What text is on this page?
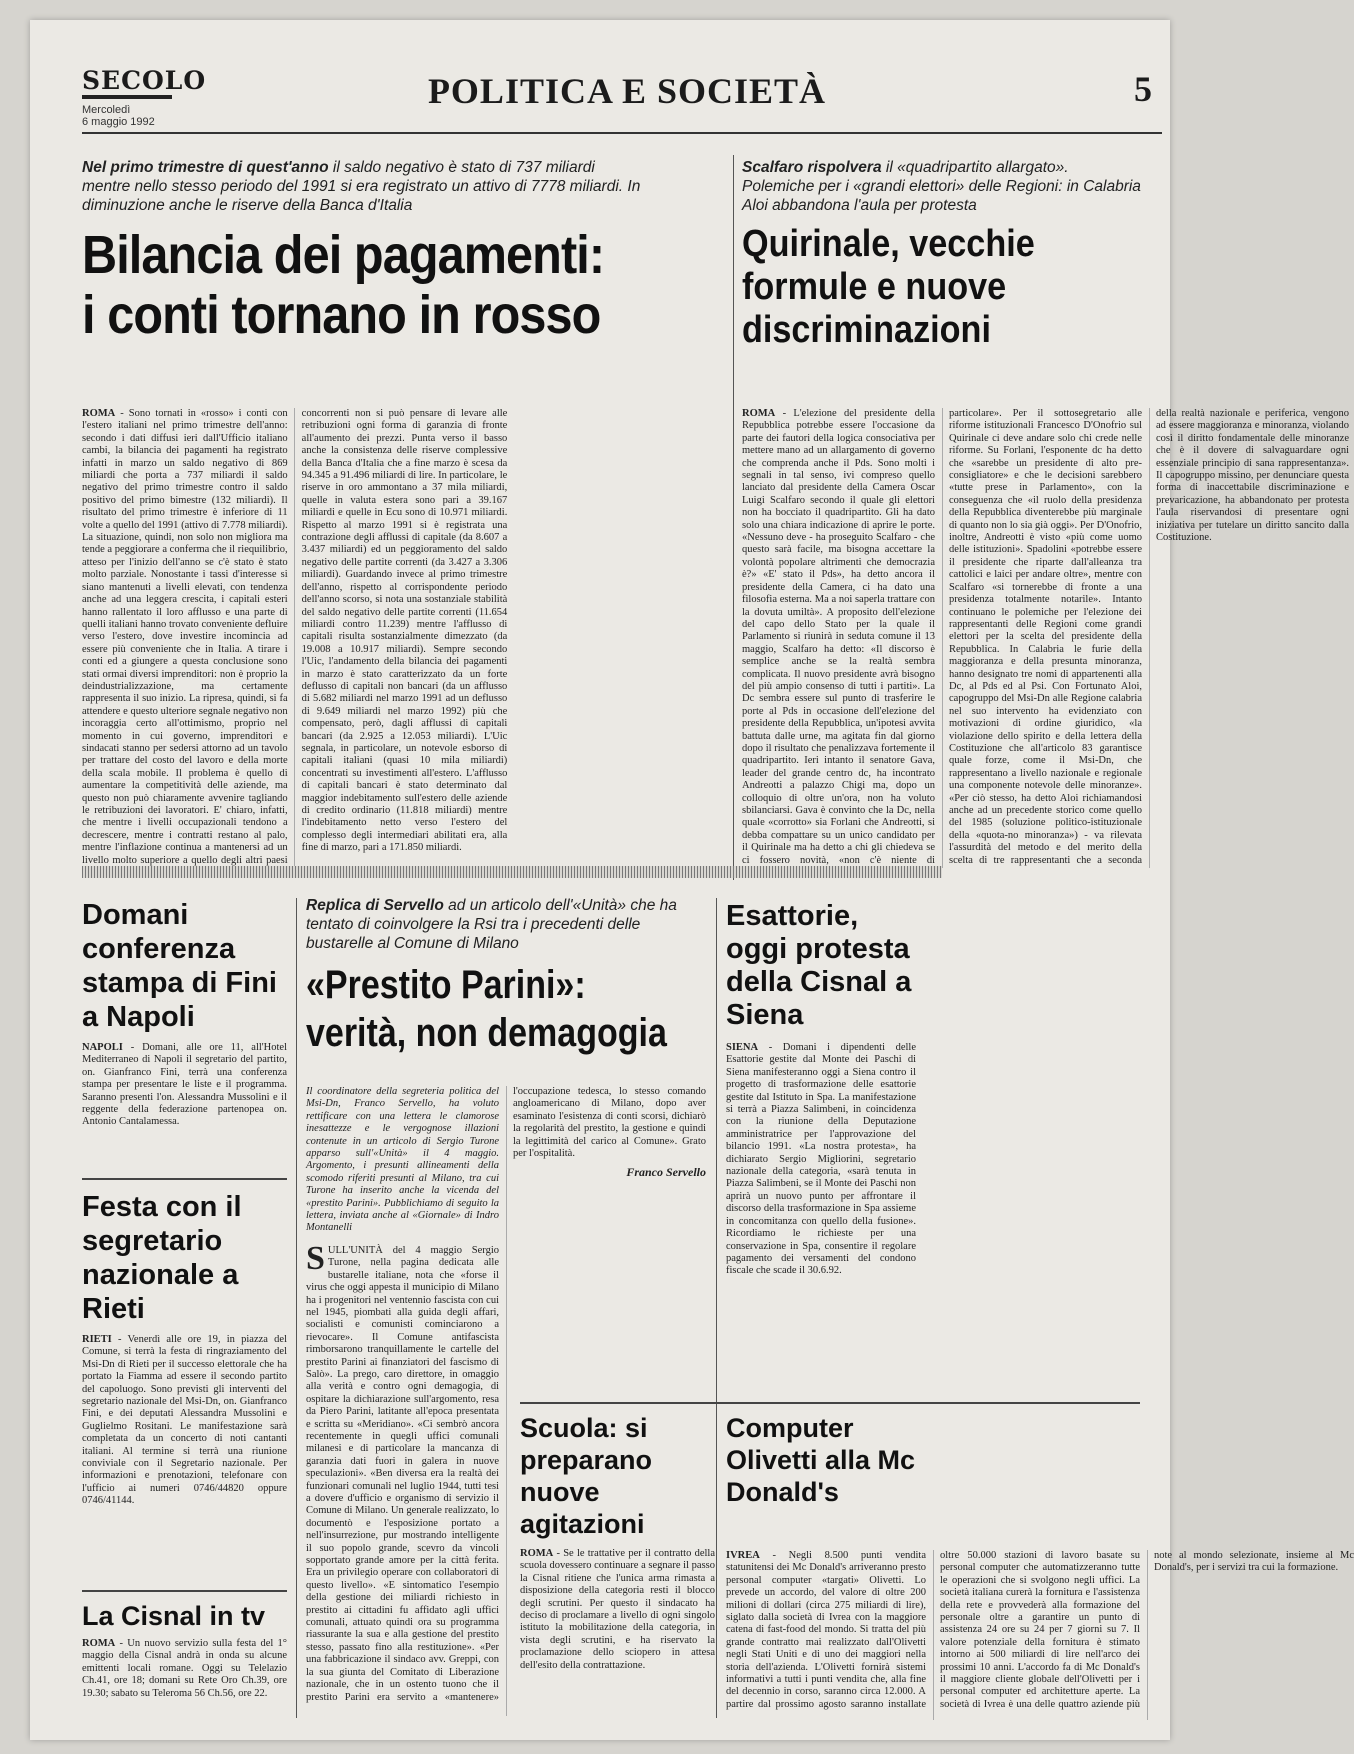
SECOLO
Mercoledì
6 maggio 1992
POLITICA E SOCIETÀ	5
Nel primo trimestre di quest'anno il saldo negativo è stato di 737 miliardi mentre nello stesso periodo del 1991 si era registrato un attivo di 7778 miliardi. In diminuzione anche le riserve della Banca d'Italia
Bilancia dei pagamenti:
i conti tornano in rosso
ROMA - Sono tornati in «rosso» i conti con l'estero italiani nel primo trimestre dell'anno: secondo i dati diffusi ieri dall'Ufficio italiano cambi, la bilancia dei pagamenti ha registrato infatti in marzo un saldo negativo di 869 miliardi che porta a 737 miliardi il saldo negativo del primo trimestre contro il saldo positivo del primo bimestre (132 miliardi). Il risultato del primo trimestre è inferiore di 11 volte a quello del 1991 (attivo di 7.778 miliardi). La situazione, quindi, non solo non migliora ma tende a peggiorare a conferma che il riequilibrio, atteso per l'inizio dell'anno se c'è stato è stato molto parziale. Nonostante i tassi d'interesse si siano mantenuti a livelli elevati, con tendenza anche ad una leggera crescita, i capitali esteri hanno rallentato il loro afflusso e una parte di quelli italiani hanno trovato conveniente defluire verso l'estero, dove investire incomincia ad essere più conveniente che in Italia. A tirare i conti ed a giungere a questa conclusione sono stati ormai diversi imprenditori: non è proprio la deindustrializzazione, ma certamente rappresenta il suo inizio. La ripresa, quindi, si fa attendere e questo ulteriore segnale negativo non incoraggia certo all'ottimismo, proprio nel momento in cui governo, imprenditori e sindacati stanno per sedersi attorno ad un tavolo per trattare del costo del lavoro e della morte della scala mobile. Il problema è quello di aumentare la competitività delle aziende, ma questo non può chiaramente avvenire tagliando le retribuzioni dei lavoratori. E' chiaro, infatti, che mentre i livelli occupazionali tendono a decrescere, mentre i contratti restano al palo, mentre l'inflazione continua a mantenersi ad un livello molto superiore a quello degli altri paesi concorrenti non si può pensare di levare alle retribuzioni ogni forma di garanzia di fronte all'aumento dei prezzi. Punta verso il basso anche la consistenza delle riserve complessive della Banca d'Italia che a fine marzo è scesa da 94.345 a 91.496 miliardi di lire. In particolare, le riserve in oro ammontano a 37 mila miliardi, quelle in valuta estera sono pari a 39.167 miliardi e quelle in Ecu sono di 10.971 miliardi. Rispetto al marzo 1991 si è registrata una contrazione degli afflussi di capitale (da 8.607 a 3.437 miliardi) ed un peggioramento del saldo negativo delle partite correnti (da 3.427 a 3.306 miliardi). Guardando invece al primo trimestre dell'anno, rispetto al corrispondente periodo dell'anno scorso, si nota una sostanziale stabilità del saldo negativo delle partite correnti (11.654 miliardi contro 11.239) mentre l'afflusso di capitali risulta sostanzialmente dimezzato (da 19.008 a 10.917 miliardi). Sempre secondo l'Uic, l'andamento della bilancia dei pagamenti in marzo è stato caratterizzato da un forte deflusso di capitali non bancari (da un afflusso di 5.682 miliardi nel marzo 1991 ad un deflusso di 9.649 miliardi nel marzo 1992) più che compensato, però, dagli afflussi di capitali bancari (da 2.925 a 12.053 miliardi). L'Uic segnala, in particolare, un notevole esborso di capitali italiani (quasi 10 mila miliardi) concentrati su investimenti all'estero. L'afflusso di capitali bancari è stato determinato dal maggior indebitamento sull'estero delle aziende di credito ordinario (11.818 miliardi) mentre l'indebitamento netto verso l'estero del complesso degli intermediari abilitati era, alla fine di marzo, pari a 171.850 miliardi.
Scalfaro rispolvera il «quadripartito allargato». Polemiche per i «grandi elettori» delle Regioni: in Calabria Aloi abbandona l'aula per protesta
Quirinale, vecchie
formule e nuove
discriminazioni
ROMA - L'elezione del presidente della Repubblica potrebbe essere l'occasione da parte dei fautori della logica consociativa per mettere mano ad un allargamento di governo che comprenda anche il Pds. Sono molti i segnali in tal senso, ivi compreso quello lanciato dal presidente della Camera Oscar Luigi Scalfaro secondo il quale gli elettori non ha bocciato il quadripartito. Gli ha dato solo una chiara indicazione di aprire le porte. «Nessuno deve - ha proseguito Scalfaro - che questo sarà facile, ma bisogna accettare la volontà popolare altrimenti che democrazia è?» «E' stato il Pds», ha detto ancora il presidente della Camera, ci ha dato una filosofia esterna. Ma a noi saperla trattare con la dovuta umiltà». A proposito dell'elezione del capo dello Stato per la quale il Parlamento si riunirà in seduta comune il 13 maggio, Scalfaro ha detto: «Il discorso è semplice anche se la realtà sembra complicata. Il nuovo presidente avrà bisogno del più ampio consenso di tutti i partiti». La Dc sembra essere sul punto di trasferire le porte al Pds in occasione dell'elezione del presidente della Repubblica, un'ipotesi avvita battuta dalle urne, ma agitata fin dal giorno dopo il risultato che penalizzava fortemente il quadripartito. Ieri intanto il senatore Gava, leader del grande centro dc, ha incontrato Andreotti a palazzo Chigi ma, dopo un colloquio di oltre un'ora, non ha voluto sbilanciarsi. Gava è convinto che la Dc, nella quale «corrotto» sia Forlani che Andreotti, si debba compattare su un unico candidato per il Quirinale ma ha detto a chi gli chiedeva se ci fossero novità, «non c'è niente di particolare». Per il sottosegretario alle riforme istituzionali Francesco D'Onofrio sul Quirinale ci deve andare solo chi crede nelle riforme. Su Forlani, l'esponente dc ha detto che «sarebbe un presidente di alto pre-consigliatore» e che le decisioni sarebbero «tutte prese in Parlamento», con la conseguenza che «il ruolo della presidenza della Repubblica diventerebbe più marginale di quanto non lo sia già oggi». Per D'Onofrio, inoltre, Andreotti è visto «più come uomo delle istituzioni». Spadolini «potrebbe essere il presidente che riparte dall'alleanza tra cattolici e laici per andare oltre», mentre con Scalfaro «si tornerebbe di fronte a una presidenza totalmente notarile». Intanto continuano le polemiche per l'elezione dei rappresentanti delle Regioni come grandi elettori per la scelta del presidente della Repubblica. In Calabria le furie della maggioranza e della presunta minoranza, hanno designato tre nomi di appartenenti alla Dc, al Pds ed al Psi. Con Fortunato Aloi, capogruppo del Msi-Dn alle Regione calabria nel suo intervento ha evidenziato con motivazioni di ordine giuridico, «la violazione dello spirito e della lettera della Costituzione che all'articolo 83 garantisce quale forze, come il Msi-Dn, che rappresentano a livello nazionale e regionale una componente notevole delle minoranze». «Per ciò stesso, ha detto Aloi richiamandosi anche ad un precedente storico come quello del 1985 (soluzione politico-istituzionale della «quota-no minoranza») - va rilevata l'assurdità del metodo e del merito della scelta di tre rappresentanti che a seconda della realtà nazionale e periferica, vengono ad essere maggioranza e minoranza, violando così il diritto fondamentale delle minoranze che è il dovere di salvaguardare ogni essenziale principio di sana rappresentanza». Il capogruppo missino, per denunciare questa forma di inaccettabile discriminazione e prevaricazione, ha abbandonato per protesta l'aula riservandosi di presentare ogni iniziativa per tutelare un diritto sancito dalla Costituzione.
Domani conferenza stampa di Fini a Napoli
NAPOLI - Domani, alle ore 11, all'Hotel Mediterraneo di Napoli il segretario del partito, on. Gianfranco Fini, terrà una conferenza stampa per presentare le liste e il programma. Saranno presenti l'on. Alessandra Mussolini e il reggente della federazione partenopea on. Antonio Cantalamessa.
Festa con il segretario nazionale a Rieti
RIETI - Venerdì alle ore 19, in piazza del Comune, si terrà la festa di ringraziamento del Msi-Dn di Rieti per il successo elettorale che ha portato la Fiamma ad essere il secondo partito del capoluogo. Sono previsti gli interventi del segretario nazionale del Msi-Dn, on. Gianfranco Fini, e dei deputati Alessandra Mussolini e Guglielmo Rositani. Le manifestazione sarà completata da un concerto di noti cantanti italiani. Al termine si terrà una riunione conviviale con il Segretario nazionale. Per informazioni e prenotazioni, telefonare con l'ufficio ai numeri 0746/44820 oppure 0746/41144.
La Cisnal in tv
ROMA - Un nuovo servizio sulla festa del 1° maggio della Cisnal andrà in onda su alcune emittenti locali romane. Oggi su Telelazio Ch.41, ore 18; domani su Rete Oro Ch.39, ore 19.30; sabato su Teleroma 56 Ch.56, ore 22.
Replica di Servello ad un articolo dell'«Unità» che ha tentato di coinvolgere la Rsi tra i precedenti delle bustarelle al Comune di Milano
«Prestito Parini»:
verità, non demagogia

Il coordinatore della segreteria politica del Msi-Dn, Franco Servello, ha voluto rettificare con una lettera le clamorose inesattezze e le vergognose illazioni contenute in un articolo di Sergio Turone apparso sull'«Unità» il 4 maggio. Argomento, i presunti allineamenti della scomodo riferiti presunti al Milano, tra cui Turone ha inserito anche la vicenda del «prestito Parini». Pubblichiamo di seguito la lettera, inviata anche al «Giornale» di Indro Montanelli

SULL'UNITÀ del 4 maggio Sergio Turone, nella pagina dedicata alle bustarelle italiane, nota che «forse il virus che oggi appesta il municipio di Milano ha i progenitori nel ventennio fascista con cui nel 1945, piombati alla guida degli affari, socialisti e comunisti cominciarono a rievocare». Il Comune antifascista rimborsarono tranquillamente le cartelle del prestito Parini ai finanziatori del fascismo di Salò». La prego, caro direttore, in omaggio alla verità e contro ogni demagogia, di ospitare la dichiarazione sull'argomento, resa da Piero Parini, latitante all'epoca presentata e scritta su «Meridiano». «Ci sembrò ancora recentemente in quegli uffici comunali milanesi e di particolare la mancanza di garanzia dati fuori in galera in nuove speculazioni». «Ben diversa era la realtà dei funzionari comunali nel luglio 1944, tutti tesi a dovere d'ufficio e organismo di servizio il Comune di Milano. Un generale realizzato, lo documentò e l'esposizione portato a nell'insurrezione, pur mostrando intelligente il suo popolo grande, scevro da vincoli sopportato grande amore per la città ferita. Era un privilegio operare con collaboratori di questo livello». «E sintomatico l'esempio della gestione dei miliardi richiesto in prestito ai cittadini fu affidato agli uffici comunali, attuato quindi ora su programma riassurante la sua e alla gestione del prestito stesso, passato fino alla restituzione». «Per una fabbricazione il sindaco avv. Greppi, con la sua giunta del Comitato di Liberazione nazionale, che in un ostento tuono che il prestito Parini era servito a «mantenere» l'occupazione tedesca, lo stesso comando angloamericano di Milano, dopo aver esaminato l'esistenza di conti scorsi, dichiarò la regolarità del prestito, la gestione e quindi la legittimità del carico al Comune». Grato per l'ospitalità.

Franco Servello

Esattorie, oggi protesta della Cisnal a Siena
SIENA - Domani i dipendenti delle Esattorie gestite dal Monte dei Paschi di Siena manifesteranno oggi a Siena contro il progetto di trasformazione delle esattorie gestite dal Istituto in Spa. La manifestazione si terrà a Piazza Salimbeni, in coincidenza con la riunione della Deputazione amministratrice per l'approvazione del bilancio 1991. «La nostra protesta», ha dichiarato Sergio Migliorini, segretario nazionale della categoria, «sarà tenuta in Piazza Salimbeni, se il Monte dei Paschi non aprirà un nuovo punto per affrontare il discorso della trasformazione in Spa assieme in concomitanza con quello della fusione». Ricordiamo le richieste per una conservazione in Spa, consentire il regolare pagamento dei versamenti del condono fiscale che scade il 30.6.92.
Scuola: si preparano nuove agitazioni
ROMA - Se le trattative per il contratto della scuola dovessero continuare a segnare il passo la Cisnal ritiene che l'unica arma rimasta a disposizione della categoria resti il blocco degli scrutini. Per questo il sindacato ha deciso di proclamare a livello di ogni singolo istituto la mobilitazione della categoria, in vista degli scrutini, e ha riservato la proclamazione dello sciopero in attesa dell'esito della contrattazione.
Computer Olivetti alla Mc Donald's
IVREA - Negli 8.500 punti vendita statunitensi dei Mc Donald's arriveranno presto personal computer «targati» Olivetti. Lo prevede un accordo, del valore di oltre 200 milioni di dollari (circa 275 miliardi di lire), siglato dalla società di Ivrea con la maggiore catena di fast-food del mondo. Si tratta del più grande contratto mai realizzato dall'Olivetti negli Stati Uniti e di uno dei maggiori nella storia dell'azienda. L'Olivetti fornirà sistemi informativi a tutti i punti vendita che, alla fine del decennio in corso, saranno circa 12.000. A partire dal prossimo agosto saranno installate oltre 50.000 stazioni di lavoro basate su personal computer che automatizzeranno tutte le operazioni che si svolgono negli uffici. La società italiana curerà la fornitura e l'assistenza della rete e provvederà alla formazione del personale oltre a garantire un punto di assistenza 24 ore su 24 per 7 giorni su 7. Il valore potenziale della fornitura è stimato intorno ai 500 miliardi di lire nell'arco dei prossimi 10 anni. L'accordo fa di Mc Donald's il maggiore cliente globale dell'Olivetti per i personal computer ed architetture aperte. La società di Ivrea è una delle quattro aziende più note al mondo selezionate, insieme al Mc Donald's, per i servizi tra cui la formazione.
